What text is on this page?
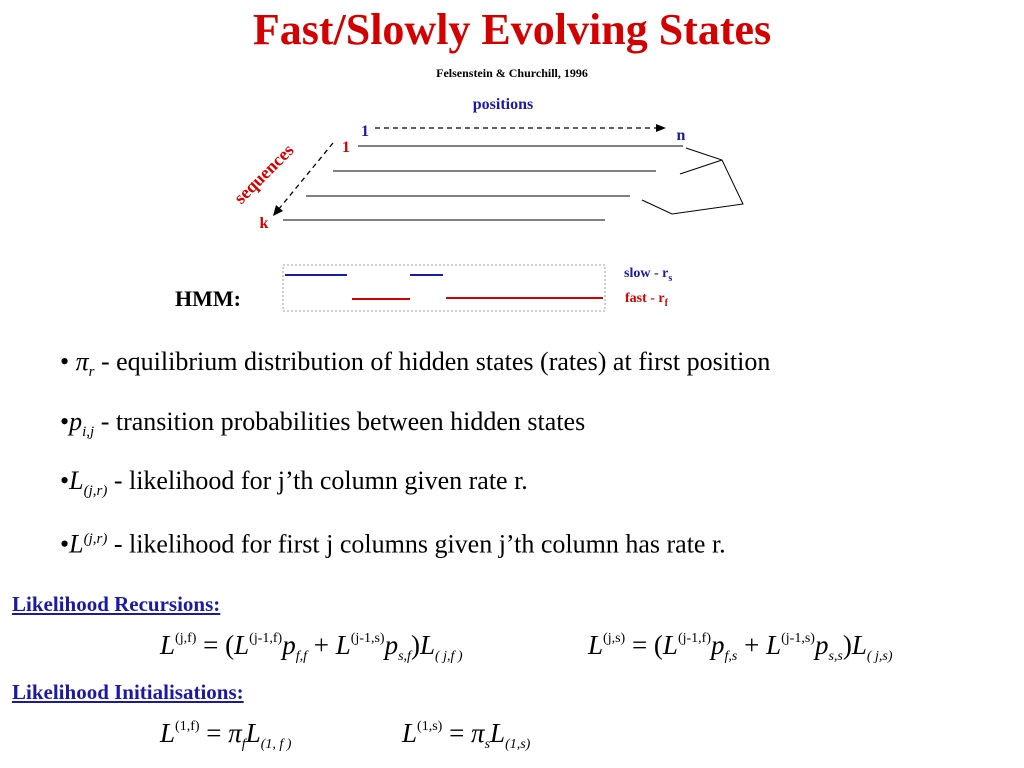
Fast/Slowly Evolving States
Felsenstein & Churchill, 1996
positions
1	n
1
k
sequences
HMM:
slow - $r_s$
fast - $r_f$
• $\pi_r$ - equilibrium distribution of hidden states (rates) at first position
$•p_{i,j}$ - transition probabilities between hidden states
$•L_{(j,r)}$ - likelihood for j’th column given rate r.
$•L^{(j,r)}$ - likelihood for first j columns given j’th column has rate r.
Likelihood Recursions:
$L^{(j,f)} = (L^{(j-1,f)}p_{f,f} + L^{(j-1,s)}p_{s,f})L_{( j,f )}$	$L^{(j,s)} = (L^{(j-1,f)}p_{f,s} + L^{(j-1,s)}p_{s,s})L_{( j,s)}$
Likelihood Initialisations:
$L^{(1,f)} = \pi_fL_{(1, f )}$	$L^{(1,s)} = \pi_sL_{(1,s)}$
